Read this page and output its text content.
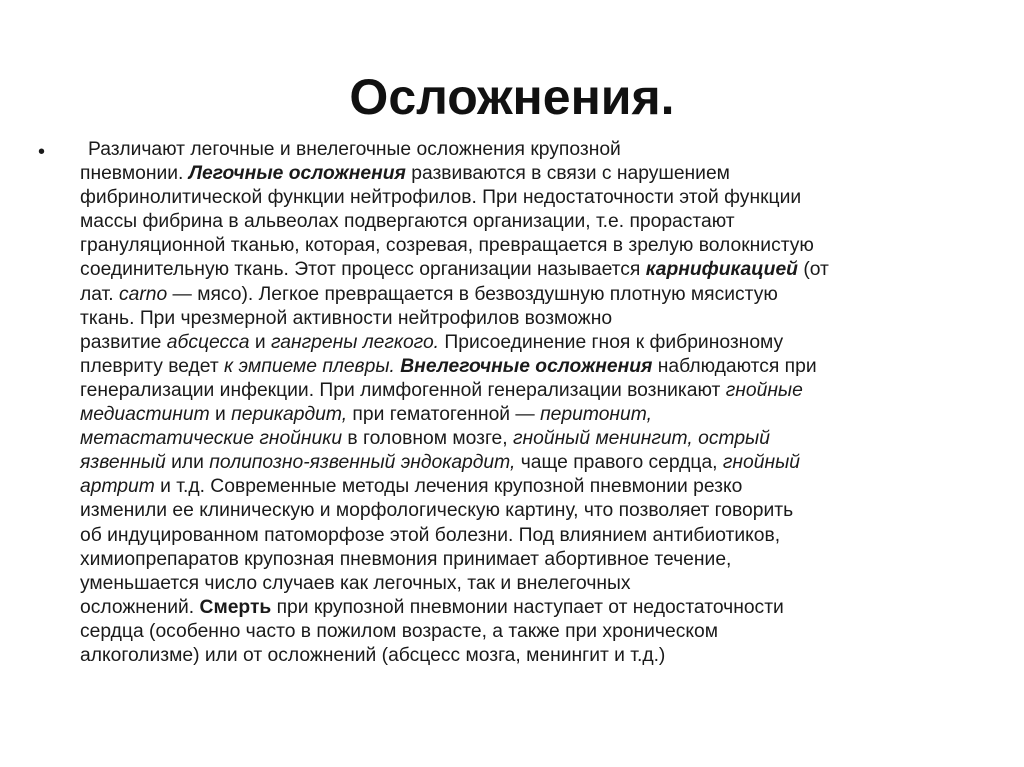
Осложнения.
•	Различают легочные и внелегочные осложнения крупозной
пневмонии. Легочные осложнения развиваются в связи с нарушением
фибринолитической функции нейтрофилов. При недостаточности этой функции
массы фибрина в альвеолах подвергаются организации, т.е. прорастают
грануляционной тканью, которая, созревая, превращается в зрелую волокнистую
соединительную ткань. Этот процесс организации называется карнификацией (от
лат. carno — мясо). Легкое превращается в безвоздушную плотную мясистую
ткань. При чрезмерной активности нейтрофилов возможно
развитие абсцесса и гангрены легкого. Присоединение гноя к фибринозному
плевриту ведет к эмпиеме плевры. Внелегочные осложнения наблюдаются при
генерализации инфекции. При лимфогенной генерализации возникают гнойные
медиастинит и перикардит, при гематогенной — перитонит,
метастатические гнойники в головном мозге, гнойный менингит, острый
язвенный или полипозно-язвенный эндокардит, чаще правого сердца, гнойный
артрит и т.д. Современные методы лечения крупозной пневмонии резко
изменили ее клиническую и морфологическую картину, что позволяет говорить
об индуцированном патоморфозе этой болезни. Под влиянием антибиотиков,
химиопрепаратов крупозная пневмония принимает абортивное течение,
уменьшается число случаев как легочных, так и внелегочных
осложнений. Смерть при крупозной пневмонии наступает от недостаточности
сердца (особенно часто в пожилом возрасте, а также при хроническом
алкоголизме) или от осложнений (абсцесс мозга, менингит и т.д.)
